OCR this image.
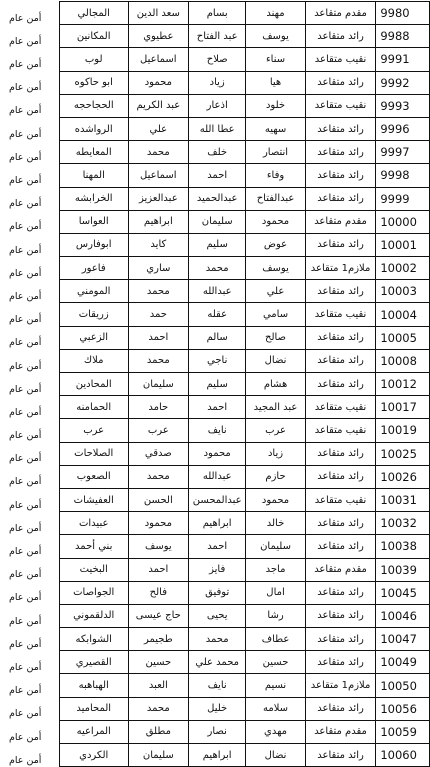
أمن عام	المجالي	سعد الدين	بسام	مهند	مقدم متقاعد	9980
أمن عام	المكانين	عطيوي	عبد الفتاح	يوسف	رائد متقاعد	9988
أمن عام	لوب	اسماعيل	صلاح	سناء	نقيب متقاعد	9991
أمن عام	ابو حاكوه	محمود	زياد	هيا	رائد متقاعد	9992
أمن عام	الحجاحجه	عبد الكريم	اذعار	خلود	نقيب متقاعد	9993
أمن عام	الرواشده	علي	عطا الله	سهيه	رائد متقاعد	9996
أمن عام	المعايطه	محمد	خلف	انتصار	رائد متقاعد	9997
أمن عام	المهنا	اسماعيل	احمد	وفاء	رائد متقاعد	9998
أمن عام	الخرابشه	عبدالعزيز	عبدالحميد	عبدالفتاح	رائد متقاعد	9999
أمن عام	العواسا	ابراهيم	سليمان	محمود	مقدم متقاعد	10000
أمن عام	ابوفارس	كايد	سليم	عوض	رائد متقاعد	10001
أمن عام	فاعور	ساري	محمد	يوسف	ملازم1 متقاعد	10002
أمن عام	المومني	محمد	عبدالله	علي	رائد متقاعد	10003
أمن عام	زريقات	حمد	عقله	سامي	نقيب متقاعد	10004
أمن عام	الزعبي	احمد	سالم	صالح	رائد متقاعد	10005
أمن عام	ملاك	محمد	ناجي	نضال	رائد متقاعد	10008
أمن عام	المحادين	سليمان	سليم	هشام	رائد متقاعد	10012
أمن عام	الحمامنه	حامد	احمد	عبد المجيد	نقيب متقاعد	10017
أمن عام	عرب	عرب	نايف	عرب	نقيب متقاعد	10019
أمن عام	الصلاحات	صدقي	محمود	زياد	رائد متقاعد	10025
أمن عام	الصعوب	محمد	عبدالله	حازم	رائد متقاعد	10026
أمن عام	العفيشات	الحسن	عبدالمحسن	محمود	نقيب متقاعد	10031
أمن عام	عبيدات	محمود	ابراهيم	خالد	رائد متقاعد	10032
أمن عام	بني أحمد	يوسف	احمد	سليمان	رائد متقاعد	10038
أمن عام	البخيت	احمد	فايز	ماجد	مقدم متقاعد	10039
أمن عام	الجواصات	فالح	توفيق	امال	رائد متقاعد	10045
أمن عام	الدلقموني	حاج عيسى	يحيى	رشا	رائد متقاعد	10046
أمن عام	الشوابكه	طجيمر	محمد	عطاف	رائد متقاعد	10047
أمن عام	القصيري	حسين	محمد علي	حسين	رائد متقاعد	10049
أمن عام	الهباهبه	العبد	نايف	نسيم	ملازم1 متقاعد	10050
أمن عام	المحاميد	محمد	خليل	سلامه	رائد متقاعد	10056
أمن عام	المراعيه	مطلق	نصار	مهدي	مقدم متقاعد	10059
أمن عام	الكردي	سليمان	ابراهيم	نضال	رائد متقاعد	10060
